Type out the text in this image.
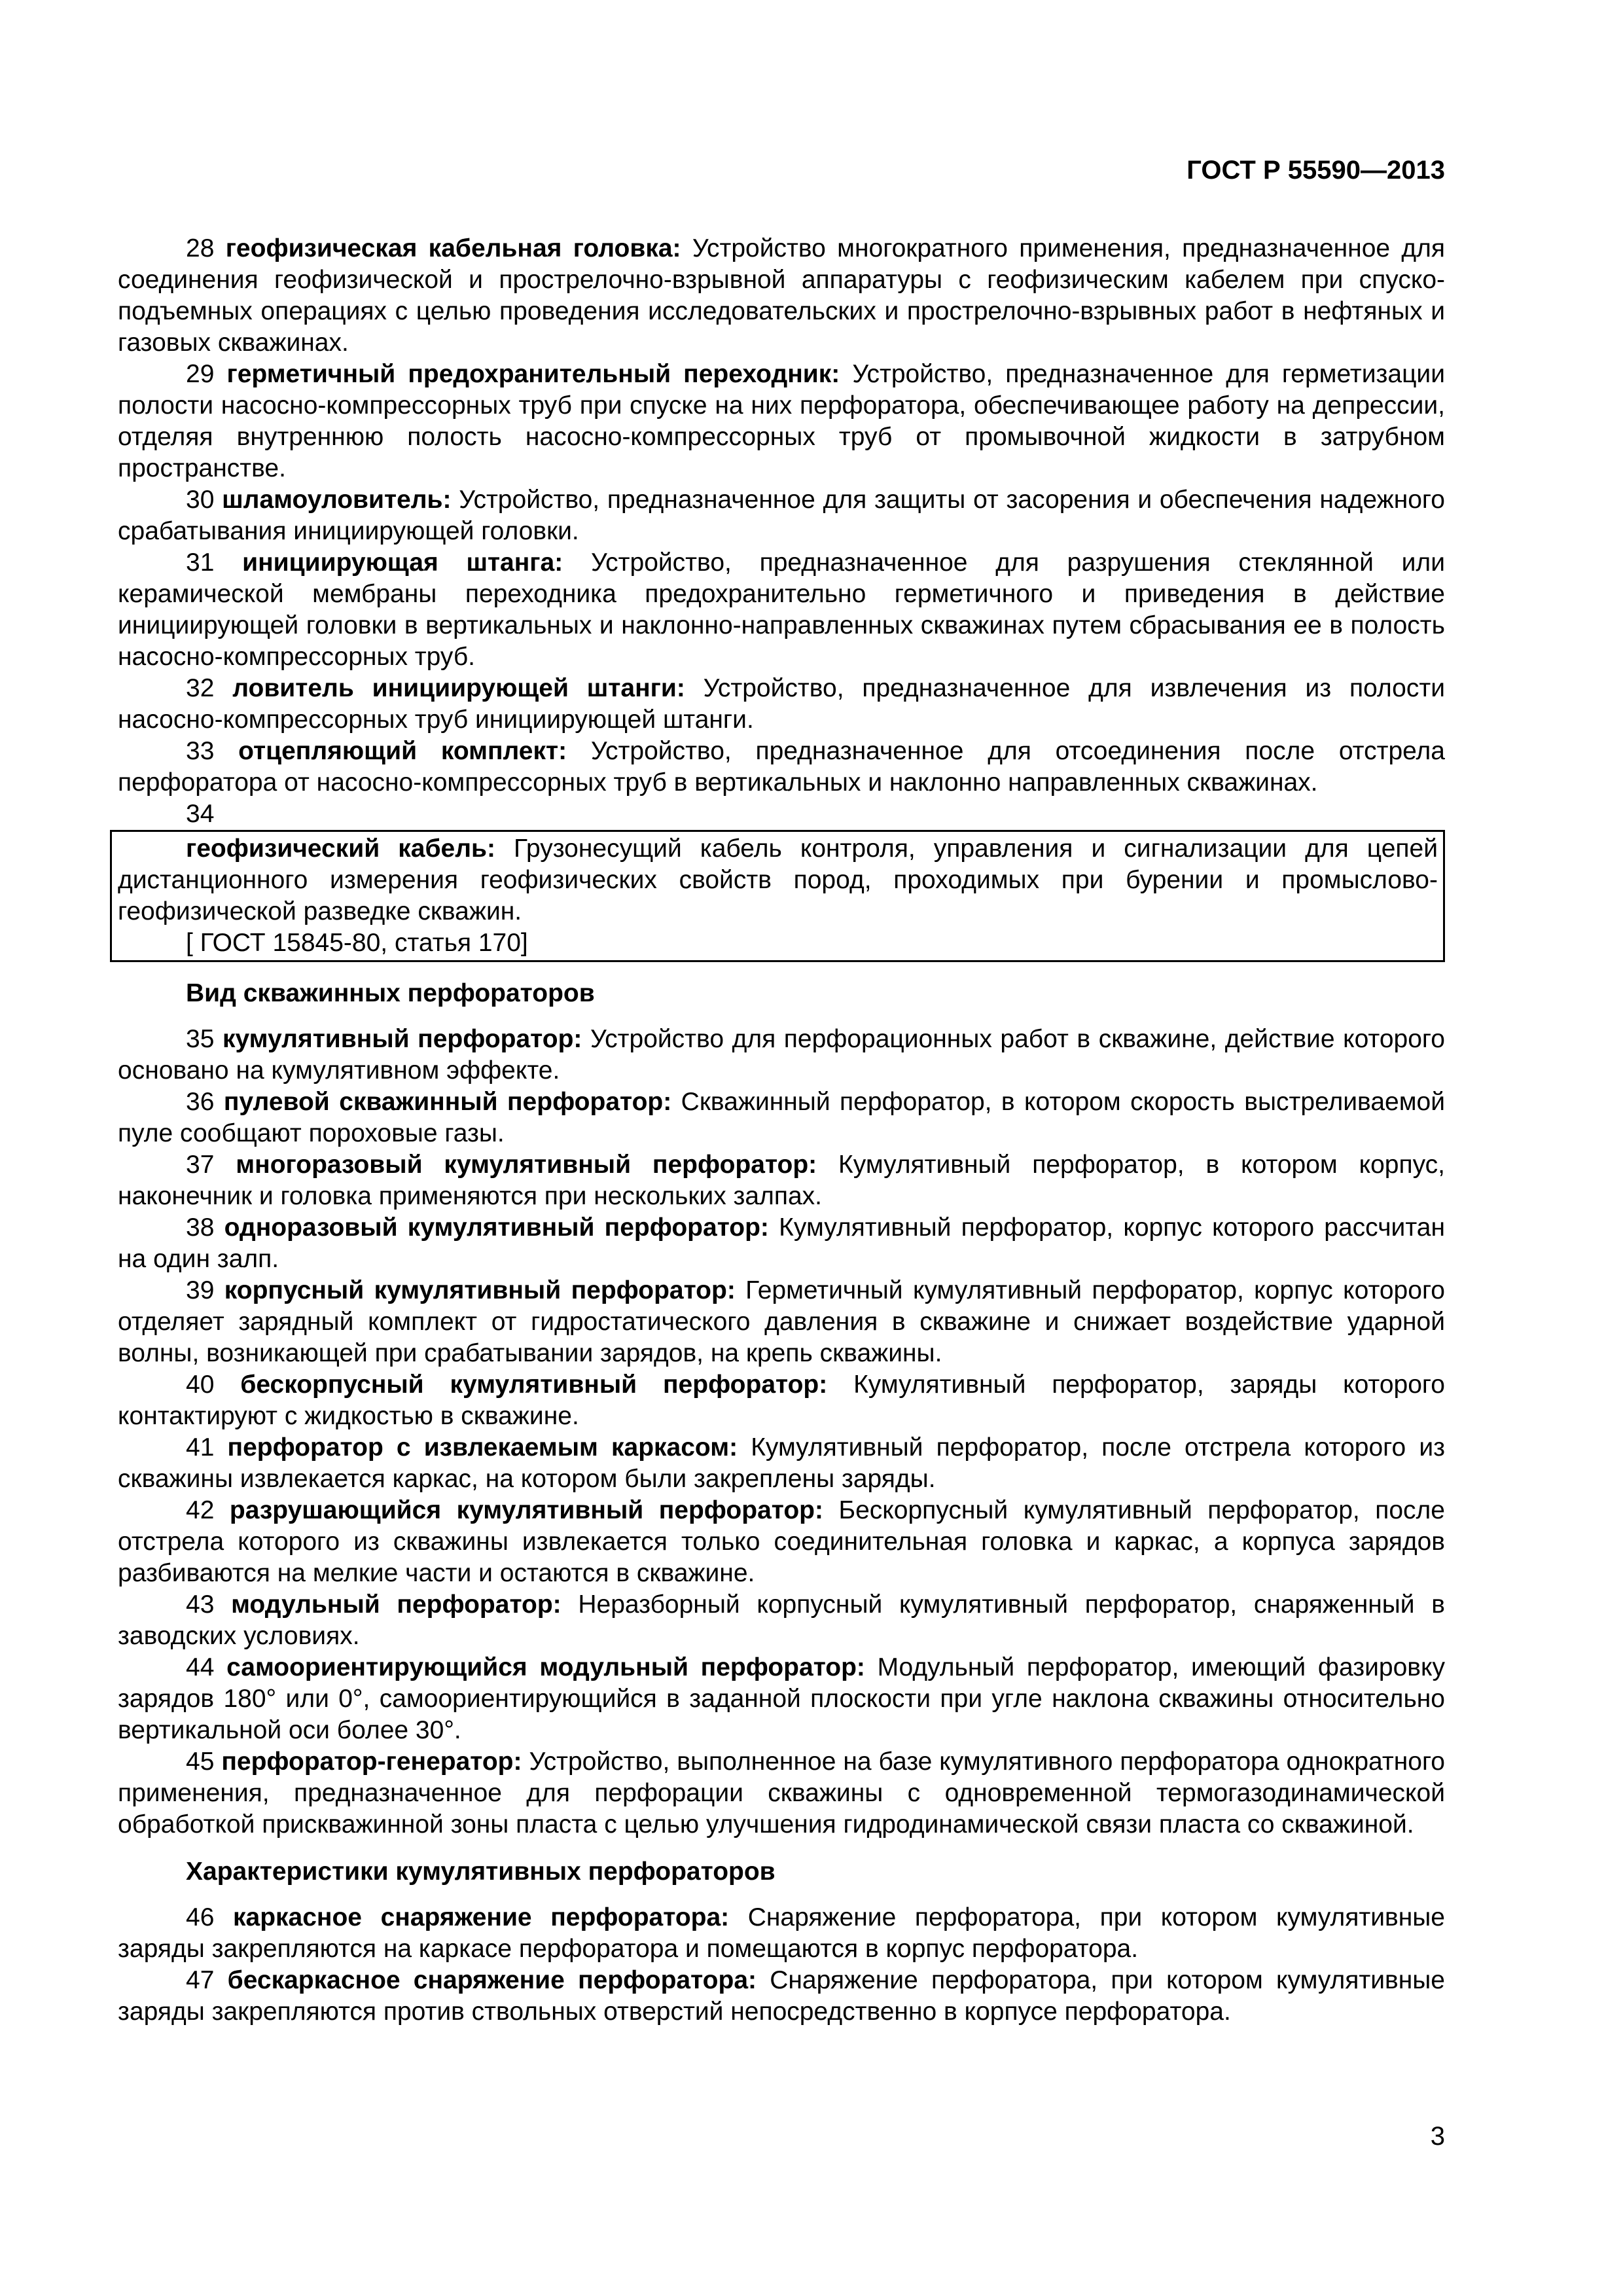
ГОСТ Р 55590—2013

28 геофизическая кабельная головка: Устройство многократного применения, предназначенное для соединения геофизической и прострелочно-взрывной аппаратуры с геофизическим кабелем при спуско-подъемных операциях с целью проведения исследовательских и прострелочно-взрывных работ в нефтяных и газовых скважинах.

29 герметичный предохранительный переходник: Устройство, предназначенное для герметизации полости насосно-компрессорных труб при спуске на них перфоратора, обеспечивающее работу на депрессии, отделяя внутреннюю полость насосно-компрессорных труб от промывочной жидкости в затрубном пространстве.

30 шламоуловитель: Устройство, предназначенное для защиты от засорения и обеспечения надежного срабатывания инициирующей головки.

31 инициирующая штанга: Устройство, предназначенное для разрушения стеклянной или керамической мембраны переходника предохранительно герметичного и приведения в действие инициирующей головки в вертикальных и наклонно-направленных скважинах путем сбрасывания ее в полость насосно-компрессорных труб.

32 ловитель инициирующей штанги: Устройство, предназначенное для извлечения из полости насосно-компрессорных труб инициирующей штанги.

33 отцепляющий комплект: Устройство, предназначенное для отсоединения после отстрела перфоратора от насосно-компрессорных труб в вертикальных и наклонно направленных скважинах.

34

геофизический кабель: Грузонесущий кабель контроля, управления и сигнализации для цепей дистанционного измерения геофизических свойств пород, проходимых при бурении и промыслово-геофизической разведке скважин.

[ ГОСТ 15845-80, статья 170]

Вид скважинных перфораторов

35 кумулятивный перфоратор: Устройство для перфорационных работ в скважине, действие которого основано на кумулятивном эффекте.

36 пулевой скважинный перфоратор: Скважинный перфоратор, в котором скорость выстреливаемой пуле сообщают пороховые газы.

37 многоразовый кумулятивный перфоратор: Кумулятивный перфоратор, в котором корпус, наконечник и головка применяются при нескольких залпах.

38 одноразовый кумулятивный перфоратор: Кумулятивный перфоратор, корпус которого рассчитан на один залп.

39 корпусный кумулятивный перфоратор: Герметичный кумулятивный перфоратор, корпус которого отделяет зарядный комплект от гидростатического давления в скважине и снижает воздействие ударной волны, возникающей при срабатывании зарядов, на крепь скважины.

40 бескорпусный кумулятивный перфоратор: Кумулятивный перфоратор, заряды которого контактируют с жидкостью в скважине.

41 перфоратор с извлекаемым каркасом: Кумулятивный перфоратор, после отстрела которого из скважины извлекается каркас, на котором были закреплены заряды.

42 разрушающийся кумулятивный перфоратор: Бескорпусный кумулятивный перфоратор, после отстрела которого из скважины извлекается только соединительная головка и каркас, а корпуса зарядов разбиваются на мелкие части и остаются в скважине.

43 модульный перфоратор: Неразборный корпусный кумулятивный перфоратор, снаряженный в заводских условиях.

44 самоориентирующийся модульный перфоратор: Модульный перфоратор, имеющий фазировку зарядов 180° или 0°, самоориентирующийся в заданной плоскости при угле наклона скважины относительно вертикальной оси более 30°.

45 перфоратор-генератор: Устройство, выполненное на базе кумулятивного перфоратора однократного применения, предназначенное для перфорации скважины с одновременной термогазодинамической обработкой прискважинной зоны пласта с целью улучшения гидродинамической связи пласта со скважиной.

Характеристики кумулятивных перфораторов

46 каркасное снаряжение перфоратора: Снаряжение перфоратора, при котором кумулятивные заряды закрепляются на каркасе перфоратора и помещаются в корпус перфоратора.

47 бескаркасное снаряжение перфоратора: Снаряжение перфоратора, при котором кумулятивные заряды закрепляются против ствольных отверстий непосредственно в корпусе перфоратора.

3
